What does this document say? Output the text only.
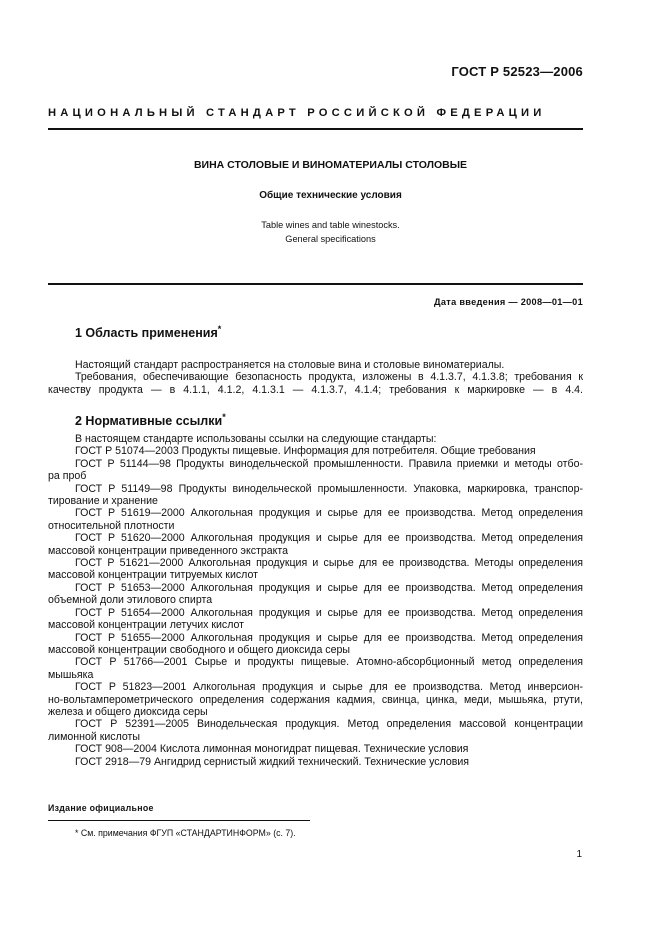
ГОСТ Р 52523—2006
НАЦИОНАЛЬНЫЙ СТАНДАРТ РОССИЙСКОЙ ФЕДЕРАЦИИ
ВИНА СТОЛОВЫЕ И ВИНОМАТЕРИАЛЫ СТОЛОВЫЕ
Общие технические условия
Table wines and table winestocks.
General specifications
Дата введения — 2008—01—01
1 Область применения*
Настоящий стандарт распространяется на столовые вина и столовые виноматериалы.
Требования, обеспечивающие безопасность продукта, изложены в 4.1.3.7, 4.1.3.8; требования к
качеству продукта — в 4.1.1, 4.1.2, 4.1.3.1 — 4.1.3.7, 4.1.4; требования к маркировке — в 4.4.
2 Нормативные ссылки*
В настоящем стандарте использованы ссылки на следующие стандарты:
ГОСТ Р 51074—2003 Продукты пищевые. Информация для потребителя. Общие требования
ГОСТ Р 51144—98 Продукты винодельческой промышленности. Правила приемки и методы отбо-
ра проб
ГОСТ Р 51149—98 Продукты винодельческой промышленности. Упаковка, маркировка, транспор-
тирование и хранение
ГОСТ Р 51619—2000 Алкогольная продукция и сырье для ее производства. Метод определения
относительной плотности
ГОСТ Р 51620—2000 Алкогольная продукция и сырье для ее производства. Метод определения
массовой концентрации приведенного экстракта
ГОСТ Р 51621—2000 Алкогольная продукция и сырье для ее производства. Методы определения
массовой концентрации титруемых кислот
ГОСТ Р 51653—2000 Алкогольная продукция и сырье для ее производства. Метод определения
объемной доли этилового спирта
ГОСТ Р 51654—2000 Алкогольная продукция и сырье для ее производства. Метод определения
массовой концентрации летучих кислот
ГОСТ Р 51655—2000 Алкогольная продукция и сырье для ее производства. Метод определения
массовой концентрации свободного и общего диоксида серы
ГОСТ Р 51766—2001 Сырье и продукты пищевые. Атомно-абсорбционный метод определения
мышьяка
ГОСТ Р 51823—2001 Алкогольная продукция и сырье для ее производства. Метод инверсион-
но-вольтамперометрического определения содержания кадмия, свинца, цинка, меди, мышьяка, ртути,
железа и общего диоксида серы
ГОСТ Р 52391—2005 Винодельческая продукция. Метод определения массовой концентрации
лимонной кислоты
ГОСТ 908—2004 Кислота лимонная моногидрат пищевая. Технические условия
ГОСТ 2918—79 Ангидрид сернистый жидкий технический. Технические условия
Издание официальное
* См. примечания ФГУП «СТАНДАРТИНФОРМ» (с. 7).
1
